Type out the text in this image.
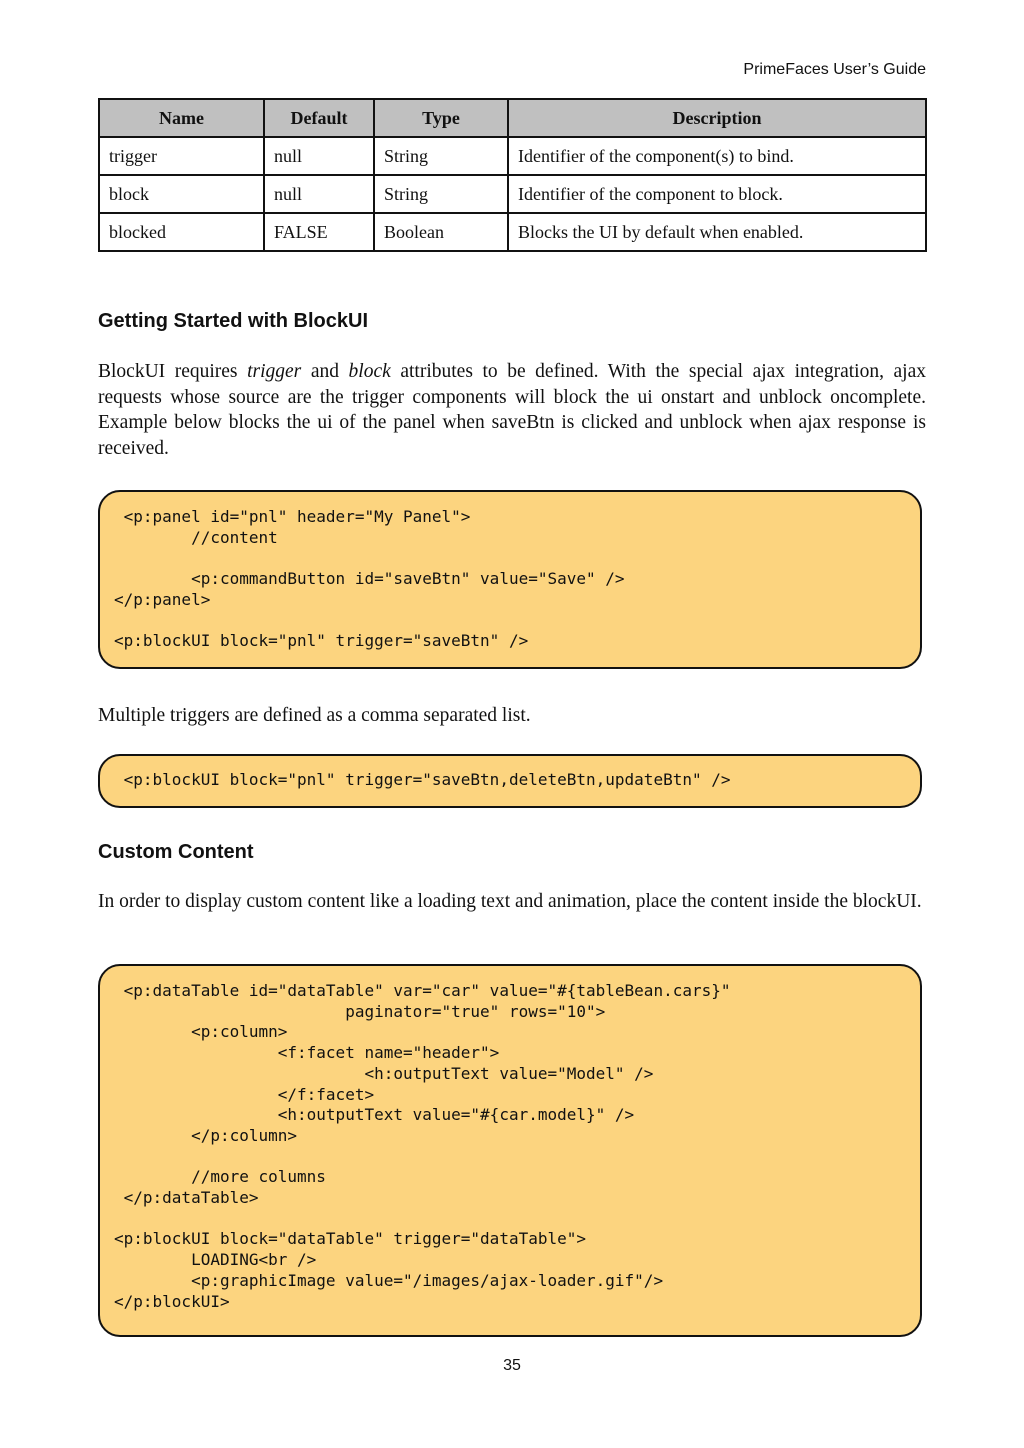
PrimeFaces User’s Guide
Name	Default	Type	Description
trigger	null	String	Identifier of the component(s) to bind.
block	null	String	Identifier of the component to block.
blocked	FALSE	Boolean	Blocks the UI by default when enabled.
Getting Started with BlockUI

BlockUI requires trigger and block attributes to be defined. With the special ajax integration, ajax requests whose source are the trigger components will block the ui onstart and unblock oncomplete. Example below blocks the ui of the panel when saveBtn is clicked and unblock when ajax response is received.

<p:panel id="pnl" header="My Panel">
//content

<p:commandButton id="saveBtn" value="Save" />
</p:panel>

<p:blockUI block="pnl" trigger="saveBtn" />

Multiple triggers are defined as a comma separated list.

<p:blockUI block="pnl" trigger="saveBtn,deleteBtn,updateBtn" />
Custom Content

In order to display custom content like a loading text and animation, place the content inside the blockUI.

<p:dataTable id="dataTable" var="car" value="#{tableBean.cars}"
paginator="true" rows="10">
<p:column>
<f:facet name="header">
<h:outputText value="Model" />
</f:facet>
<h:outputText value="#{car.model}" />
</p:column>

//more columns
</p:dataTable>

<p:blockUI block="dataTable" trigger="dataTable">
LOADING<br />
<p:graphicImage value="/images/ajax-loader.gif"/>
</p:blockUI>
35
